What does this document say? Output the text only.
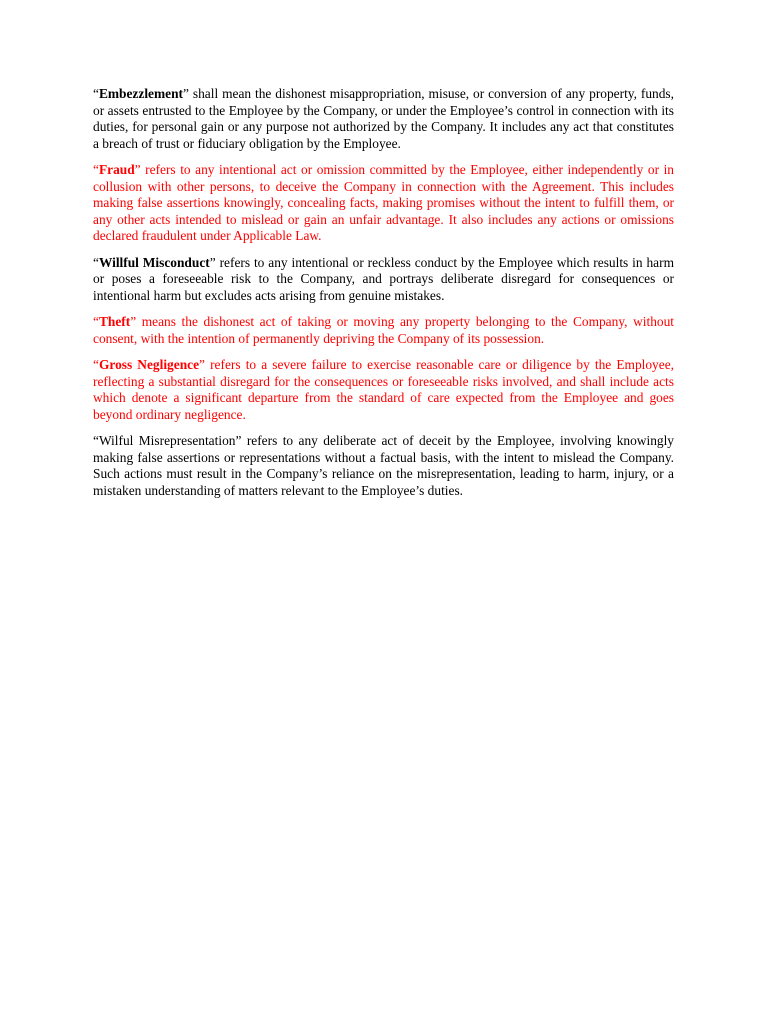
“Embezzlement” shall mean the dishonest misappropriation, misuse, or conversion of any property, funds, or assets entrusted to the Employee by the Company, or under the Employee’s control in connection with its duties, for personal gain or any purpose not authorized by the Company. It includes any act that constitutes a breach of trust or fiduciary obligation by the Employee.

“Fraud” refers to any intentional act or omission committed by the Employee, either independently or in collusion with other persons, to deceive the Company in connection with the Agreement. This includes making false assertions knowingly, concealing facts, making promises without the intent to fulfill them, or any other acts intended to mislead or gain an unfair advantage. It also includes any actions or omissions declared fraudulent under Applicable Law.

“Willful Misconduct” refers to any intentional or reckless conduct by the Employee which results in harm or poses a foreseeable risk to the Company, and portrays deliberate disregard for consequences or intentional harm but excludes acts arising from genuine mistakes.

“Theft” means the dishonest act of taking or moving any property belonging to the Company, without consent, with the intention of permanently depriving the Company of its possession.

“Gross Negligence” refers to a severe failure to exercise reasonable care or diligence by the Employee, reflecting a substantial disregard for the consequences or foreseeable risks involved, and shall include acts which denote a significant departure from the standard of care expected from the Employee and goes beyond ordinary negligence.

“Wilful Misrepresentation” refers to any deliberate act of deceit by the Employee, involving knowingly making false assertions or representations without a factual basis, with the intent to mislead the Company. Such actions must result in the Company’s reliance on the misrepresentation, leading to harm, injury, or a mistaken understanding of matters relevant to the Employee’s duties.
